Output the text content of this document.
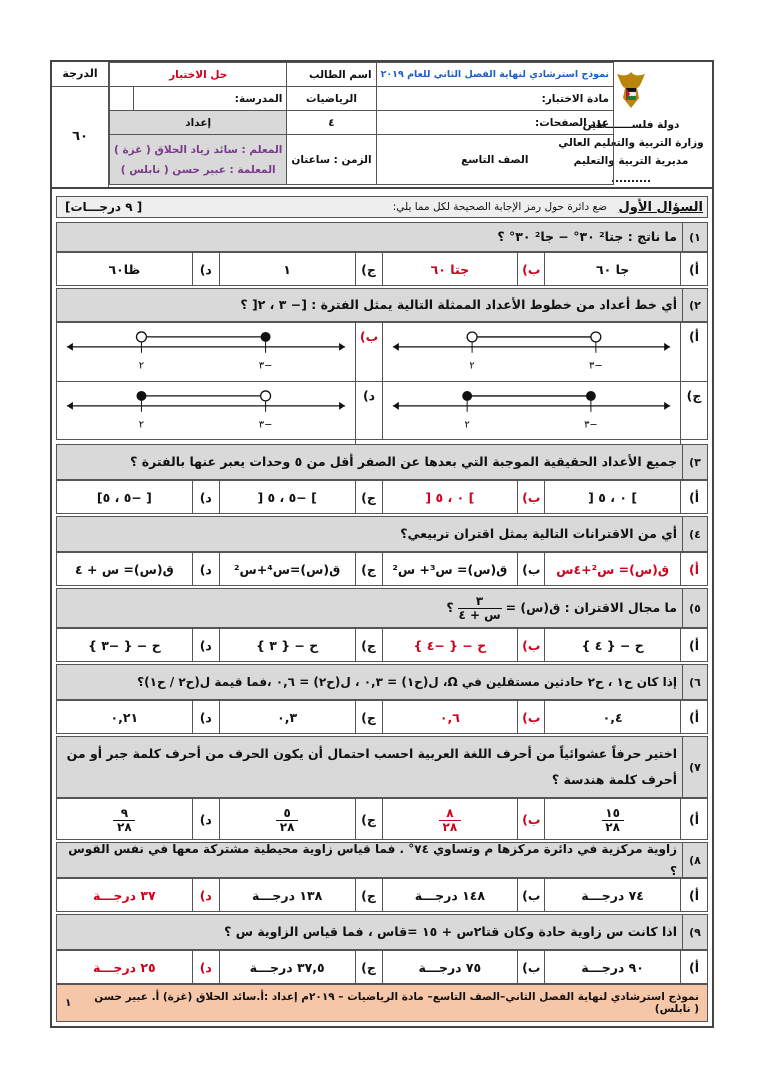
دولة فلســـــــطين
وزارة التربية والتعليم العالي
مديرية التربية والتعليم ..........
نموذج استرشادي لنهاية الفصل الثاني للعام ٢٠١٩	اسم الطالب	حل الاختبار	
مادة الاختبار:	الرياضيات	المدرسة:	
عدد الصفحات:	٤	إعداد	
الصف التاسع	الزمن : ساعتان	المعلم : سائد زياد الحلاق ( غزة )
المعلمة : عبير حسن ( نابلس )	
الدرجة
٦٠
السؤال الأول
ضع دائرة حول رمز الإجابة الصحيحة لكل مما يلي:
[ ٩ درجـــات]
١)
ما ناتج : جتا² ٣٠° − جا² ٣٠° ؟
أ)
جا ٦٠
ب)
جتا ٦٠
ج)
١
د)
ظا٦٠
٢)
أي خط أعداد من خطوط الأعداد الممثلة التالية يمثل الفترة : [− ٣ ، ٢[ ؟
أ)
٢	−٣
ب)
٢	−٣
ج)
٢	−٣
د)
٢	−٣
٣)
جميع الأعداد الحقيقية الموجبة التي بعدها عن الصفر أقل من ٥ وحدات يعبر عنها بالفترة ؟
أ)
] ٠ ، ٥ [
ب)
] ٠ ، ٥ [
ج)
] −٥ ، ٥ [
د)
[ −٥ ، ٥]
٤)
أي من الاقترانات التالية يمثل اقتران تربيعي؟
أ)
ق(س)= س²+٤س
ب)
ق(س)= س³+ س²
ج)
ق(س)=س⁴+س²
د)
ق(س)= س + ٤
٥)
ما مجال الاقتران : ق(س) =
$\frac{٣}{\text{س + ٤}}$
؟
أ)
ح − { ٤ }
ب)
ح − { −٤ }
ج)
ح − { ٣ }
د)
ح − { −٣ }
٦)
إذا كان ح١ ، ح٢ حادثين مستقلين في Ω، ل(ح١) = ٠,٣ ، ل(ح٢) = ٠,٦ ،فما قيمة ل(ح٢ / ح١)؟
أ)
٠,٤
ب)
٠,٦
ج)
٠,٣
د)
٠,٢١
٧)
اختير حرفاً عشوائياً من أحرف اللغة العربية احسب احتمال أن يكون الحرف من أحرف كلمة جبر أو من أحرف كلمة هندسة ؟
أ)
$\frac{١٥}{٢٨}$
ب)
$\frac{٨}{٢٨}$
ج)
$\frac{٥}{٢٨}$
د)
$\frac{٩}{٢٨}$
٨)
زاوية مركزية في دائرة مركزها م وتساوي ٧٤° . فما قياس زاوية محيطية مشتركة معها في نفس القوس ؟
أ)
٧٤ درجـــة
ب)
١٤٨ درجـــة
ج)
١٣٨ درجـــة
د)
٣٧ درجـــة
٩)
اذا كانت س زاوية حادة وكان قتا٢س + ١٥ =قاس ، فما قياس الزاوية س ؟
أ)
٩٠ درجـــة
ب)
٧٥ درجـــة
ج)
٣٧,٥ درجـــة
د)
٢٥ درجـــة
نموذج استرشادي لنهاية الفصل الثاني–الصف التاسع– مادة الرياضيات – ٢٠١٩م إعداد :أ.سائد الحلاق (غزة) أ. عبير حسن ( نابلس)
١
